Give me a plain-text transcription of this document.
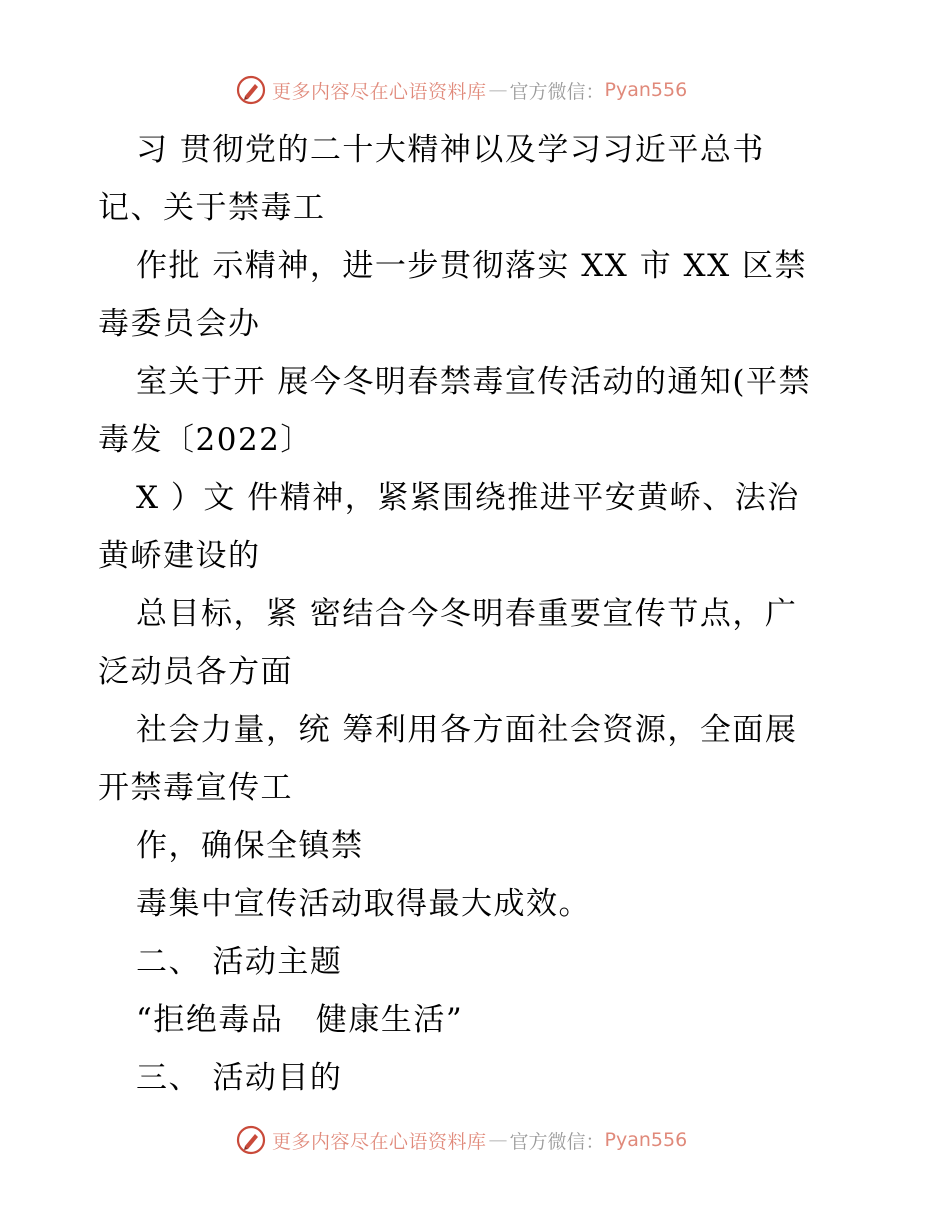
更多内容尽在心语资料库 — 官方微信： Pyan556
习 贯彻党的二十大精神以及学习习近平总书
记、关于禁毒工
作批 示精神，进一步贯彻落实 XX 市 XX 区禁
毒委员会办
室关于开 展今冬明春禁毒宣传活动的通知(平禁
毒发〔2022〕
X ）文 件精神，紧紧围绕推进平安黄峤、法治
黄峤建设的
总目标，紧 密结合今冬明春重要宣传节点，广
泛动员各方面
社会力量，统 筹利用各方面社会资源，全面展
开禁毒宣传工
作，确保全镇禁
毒集中宣传活动取得最大成效。
二、 活动主题
“拒绝毒品　健康生活”
三、 活动目的
更多内容尽在心语资料库 — 官方微信： Pyan556
